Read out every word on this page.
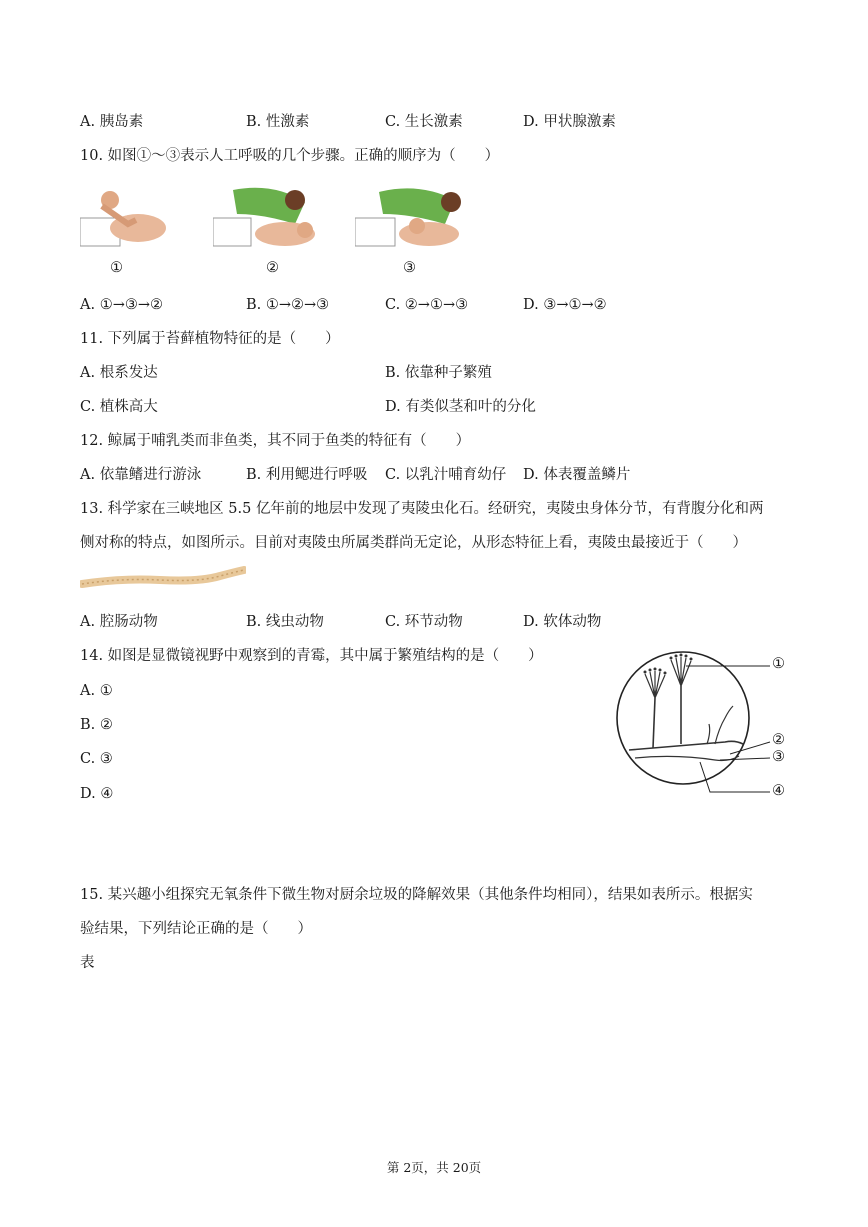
A. 胰岛素	B. 性激素	C. 生长激素	D. 甲状腺激素
10. 如图①～③表示人工呼吸的几个步骤。正确的顺序为（　　）
①	②	③
A. ①→③→②	B. ①→②→③	C. ②→①→③	D. ③→①→②
11. 下列属于苔藓植物特征的是（　　）
A. 根系发达	B. 依靠种子繁殖
C. 植株高大	D. 有类似茎和叶的分化
12. 鲸属于哺乳类而非鱼类，其不同于鱼类的特征有（　　）
A. 依靠鳍进行游泳	B. 利用鳃进行呼吸 C. 以乳汁哺育幼仔 D. 体表覆盖鳞片
13. 科学家在三峡地区 5.5 亿年前的地层中发现了夷陵虫化石。经研究，夷陵虫身体分节，有背腹分化和两
侧对称的特点，如图所示。目前对夷陵虫所属类群尚无定论，从形态特征上看，夷陵虫最接近于（　　）
A. 腔肠动物	B. 线虫动物	C. 环节动物	D. 软体动物
14. 如图是显微镜视野中观察到的青霉，其中属于繁殖结构的是（　　）
A. ①
B. ②
C. ③
D. ④
①
②
③
④
15. 某兴趣小组探究无氧条件下微生物对厨余垃圾的降解效果（其他条件均相同），结果如表所示。根据实
验结果，下列结论正确的是（　　）
表
第 2页，共 20页
